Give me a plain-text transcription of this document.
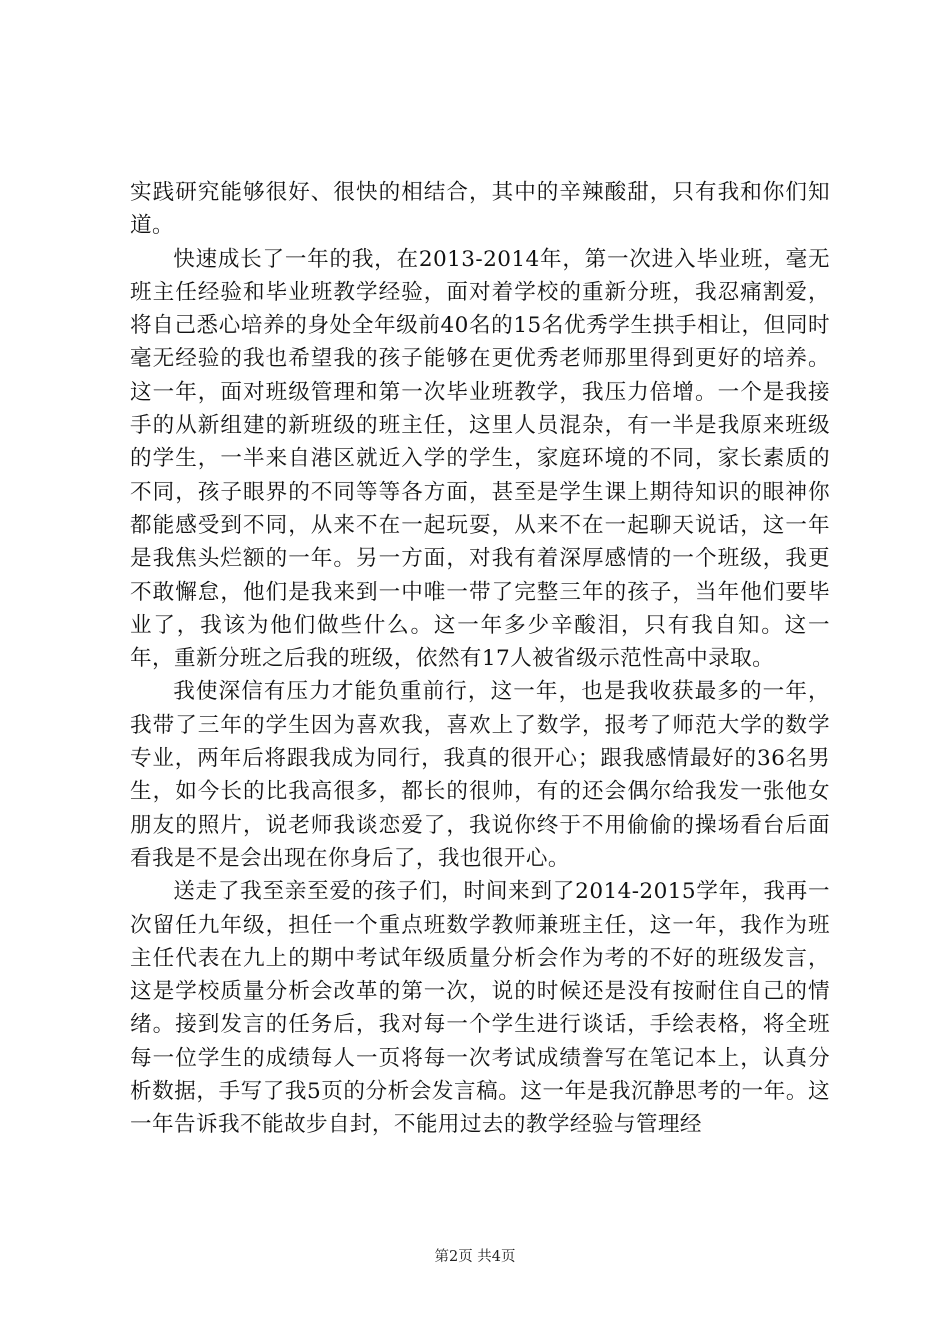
实践研究能够很好、很快的相结合，其中的辛辣酸甜，只有我和你们知道。

快速成长了一年的我，在2013-2014年，第一次进入毕业班，毫无班主任经验和毕业班教学经验，面对着学校的重新分班，我忍痛割爱，将自己悉心培养的身处全年级前40名的15名优秀学生拱手相让，但同时毫无经验的我也希望我的孩子能够在更优秀老师那里得到更好的培养。这一年，面对班级管理和第一次毕业班教学，我压力倍增。一个是我接手的从新组建的新班级的班主任，这里人员混杂，有一半是我原来班级的学生，一半来自港区就近入学的学生，家庭环境的不同，家长素质的不同，孩子眼界的不同等等各方面，甚至是学生课上期待知识的眼神你都能感受到不同，从来不在一起玩耍，从来不在一起聊天说话，这一年是我焦头烂额的一年。另一方面，对我有着深厚感情的一个班级，我更不敢懈怠，他们是我来到一中唯一带了完整三年的孩子，当年他们要毕业了，我该为他们做些什么。这一年多少辛酸泪，只有我自知。这一年，重新分班之后我的班级，依然有17人被省级示范性高中录取。

我使深信有压力才能负重前行，这一年，也是我收获最多的一年，我带了三年的学生因为喜欢我，喜欢上了数学，报考了师范大学的数学专业，两年后将跟我成为同行，我真的很开心；跟我感情最好的36名男生，如今长的比我高很多，都长的很帅，有的还会偶尔给我发一张他女朋友的照片，说老师我谈恋爱了，我说你终于不用偷偷的操场看台后面看我是不是会出现在你身后了，我也很开心。

送走了我至亲至爱的孩子们，时间来到了2014-2015学年，我再一次留任九年级，担任一个重点班数学教师兼班主任，这一年，我作为班主任代表在九上的期中考试年级质量分析会作为考的不好的班级发言，这是学校质量分析会改革的第一次，说的时候还是没有按耐住自己的情绪。接到发言的任务后，我对每一个学生进行谈话，手绘表格，将全班每一位学生的成绩每人一页将每一次考试成绩誊写在笔记本上，认真分析数据，手写了我5页的分析会发言稿。这一年是我沉静思考的一年。这一年告诉我不能故步自封，不能用过去的教学经验与管理经

第2页 共4页
